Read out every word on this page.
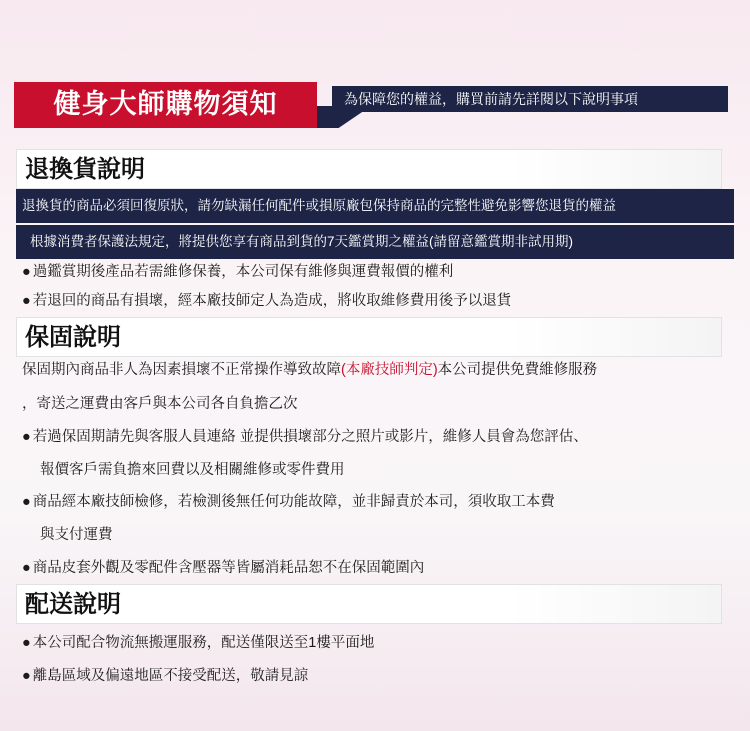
為保障您的權益，購買前請先詳閱以下說明事項
健身大師購物須知
退換貨說明
退換貨的商品必須回復原狀，請勿缺漏任何配件或損原廠包保持商品的完整性避免影響您退貨的權益
根據消費者保護法規定，將提供您享有商品到貨的7天鑑賞期之權益(請留意鑑賞期非試用期)
● 過鑑賞期後產品若需維修保養，本公司保有維修與運費報價的權利
● 若退回的商品有損壞，經本廠技師定人為造成，將收取維修費用後予以退貨
保固說明
保固期內商品非人為因素損壞不正常操作導致故障(本廠技師判定)本公司提供免費維修服務
，寄送之運費由客戶與本公司各自負擔乙次
● 若過保固期請先與客服人員連絡 並提供損壞部分之照片或影片，維修人員會為您評估、
報價客戶需負擔來回費以及相關維修或零件費用
● 商品經本廠技師檢修，若檢測後無任何功能故障，並非歸責於本司，須收取工本費
與支付運費
● 商品皮套外觀及零配件含壓器等皆屬消耗品恕不在保固範圍內
配送說明
● 本公司配合物流無搬運服務，配送僅限送至1樓平面地
● 離島區域及偏遠地區不接受配送，敬請見諒
